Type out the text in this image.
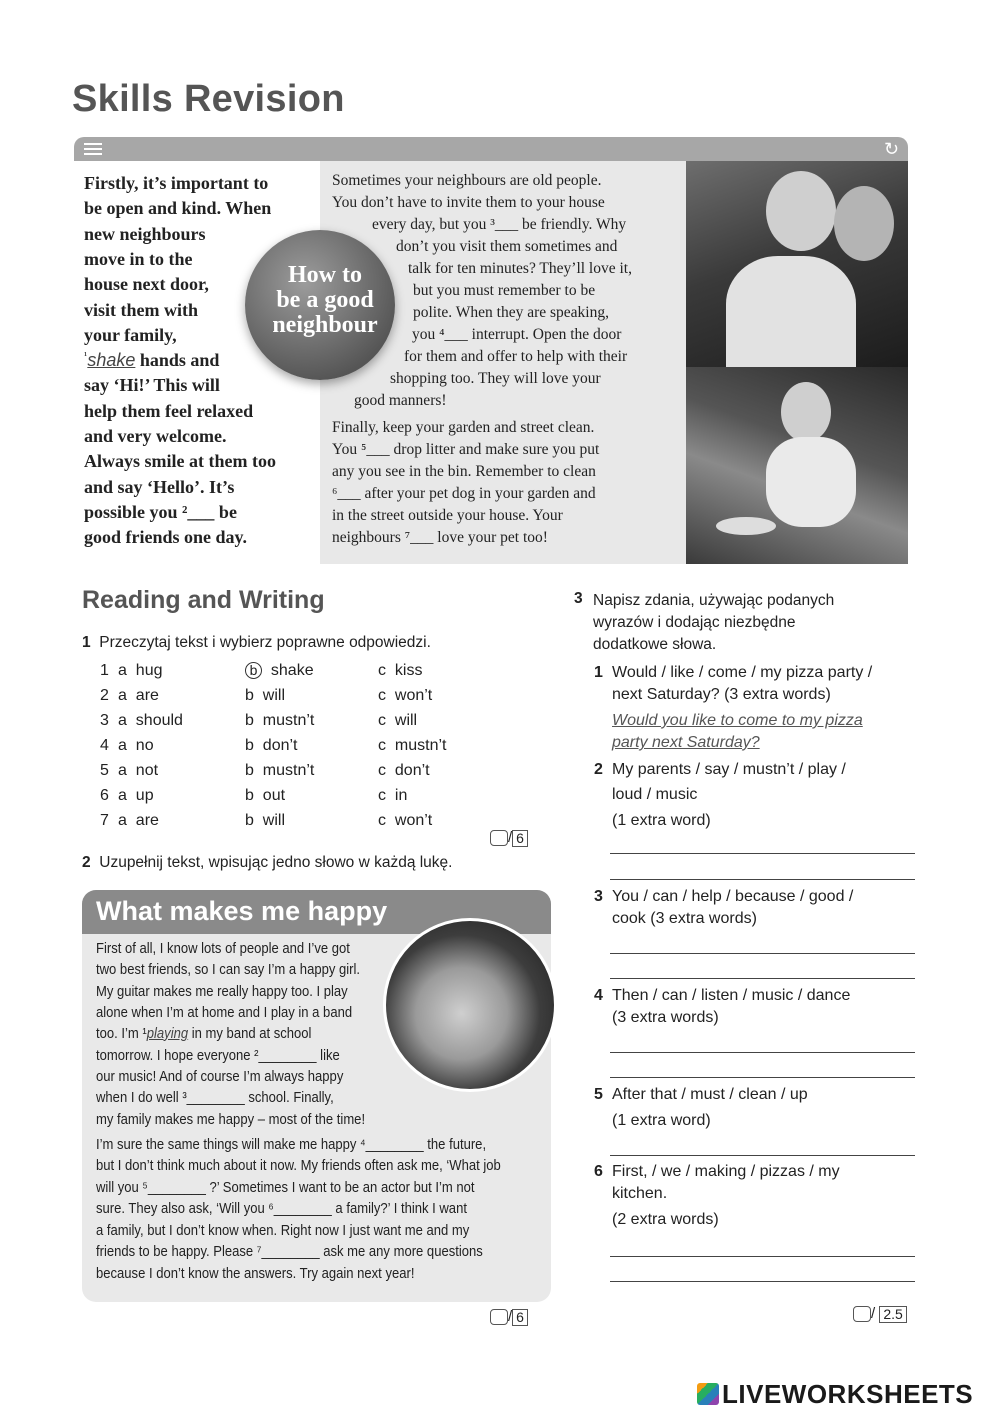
Skills Revision
↻
How to
be a good
neighbour
Firstly, it’s important to
be open and kind. When
new neighbours
move in to the
house next door,
visit them with
your family,
$^{^1}$shake hands and
say ‘Hi!’ This will
help them feel relaxed
and very welcome.
Always smile at them too
and say ‘Hello’. It’s
possible you ²___ be
good friends one day.
Sometimes your neighbours are old people.
You don’t have to invite them to your house
every day, but you ³___ be friendly. Why
don’t you visit them sometimes and
talk for ten minutes? They’ll love it,
but you must remember to be
polite. When they are speaking,
you ⁴___ interrupt. Open the door
for them and offer to help with their
shopping too. They will love your
good manners!
Finally, keep your garden and street clean.
You ⁵___ drop litter and make sure you put
any you see in the bin. Remember to clean
⁶___ after your pet dog in your garden and
in the street outside your house. Your
neighbours ⁷___ love your pet too!
Reading and Writing
1 Przeczytaj tekst i wybierz poprawne odpowiedzi.
1 a hug	b shake	c kiss
2 a are	b will	c won’t
3 a should	b mustn’t	c will
4 a no	b don’t	c mustn’t
5 a not	b mustn’t	c don’t
6 a up	b out	c in
7 a are	b will	c won’t
/ 6
2 Uzupełnij tekst, wpisując jedno słowo w każdą lukę.
What makes me happy
First of all, I know lots of people and I’ve got
two best friends, so I can say I’m a happy girl.
My guitar makes me really happy too. I play
alone when I’m at home and I play in a band
too. I’m ¹playing in my band at school
tomorrow. I hope everyone ²________ like
our music! And of course I’m always happy
when I do well ³________ school. Finally,
my family makes me happy – most of the time!
I’m sure the same things will make me happy ⁴________ the future,
but I don’t think much about it now. My friends often ask me, ‘What job
will you ⁵________ ?’ Sometimes I want to be an actor but I’m not
sure. They also ask, ‘Will you ⁶________ a family?’ I think I want
a family, but I don’t know when. Right now I just want me and my
friends to be happy. Please ⁷________ ask me any more questions
because I don’t know the answers. Try again next year!
/ 6
3 Napisz zdania, używając podanych
wyrazów i dodając niezbędne
dodatkowe słowa.
1 Would / like / come / my pizza party /
next Saturday? (3 extra words)
Would you like to come to my pizza
party next Saturday?
2 My parents / say / mustn’t / play /
loud / music
(1 extra word)
3 You / can / help / because / good /
cook (3 extra words)
4 Then / can / listen / music / dance
(3 extra words)
5 After that / must / clean / up
(1 extra word)
6 First, / we / making / pizzas / my
kitchen.
(2 extra words)
/ 2.5
LIVEWORKSHEETS
